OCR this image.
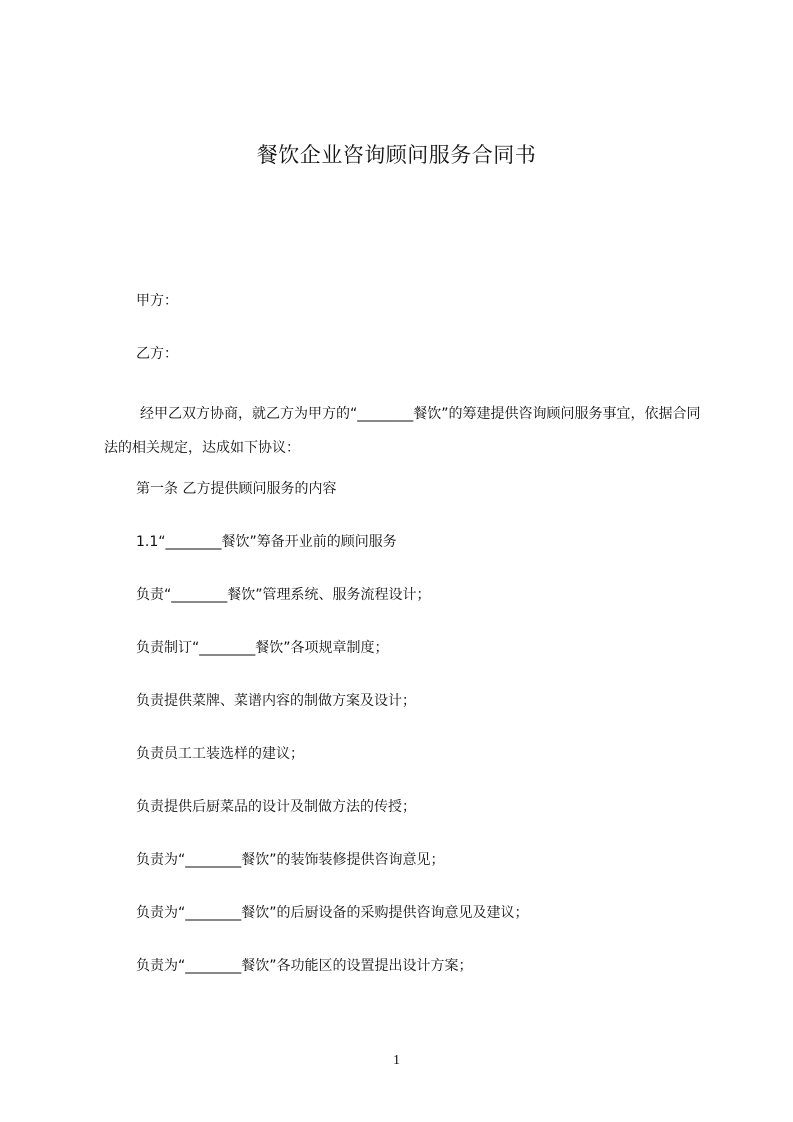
餐饮企业咨询顾问服务合同书
甲方：
乙方：
经甲乙双方协商，就乙方为甲方的“________餐饮”的筹建提供咨询顾问服务事宜，依据合同法的相关规定，达成如下协议：
第一条 乙方提供顾问服务的内容
1.1“________餐饮”筹备开业前的顾问服务
负责“________餐饮”管理系统、服务流程设计；
负责制订“________餐饮”各项规章制度；
负责提供菜牌、菜谱内容的制做方案及设计；
负责员工工装选样的建议；
负责提供后厨菜品的设计及制做方法的传授；
负责为“________餐饮”的装饰装修提供咨询意见；
负责为“________餐饮”的后厨设备的采购提供咨询意见及建议；
负责为“________餐饮”各功能区的设置提出设计方案；
1
